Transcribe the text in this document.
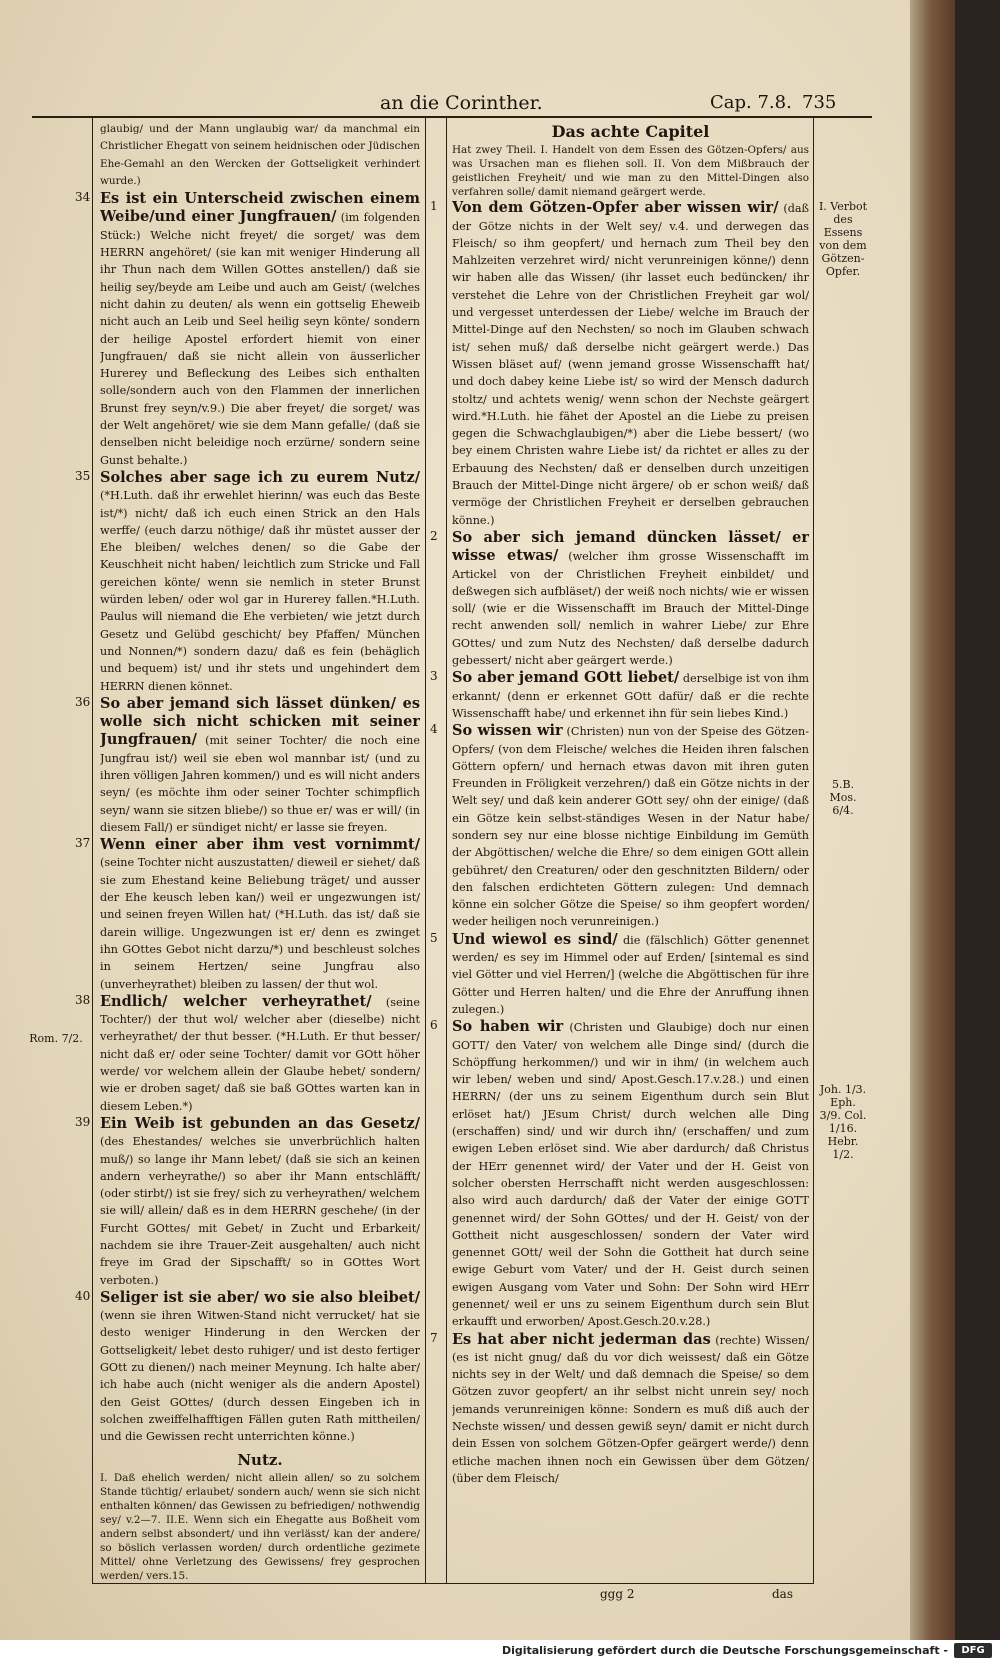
an die Corinther.	Cap. 7.8. 735

glaubig/ und der Mann unglaubig war/ da manchmal ein Christlicher Ehegatt von seinem heidnischen oder Jüdischen Ehe-Gemahl an den Wercken der Gottseligkeit verhindert wurde.)

Es ist ein Unterscheid zwischen einem Weibe/und einer Jungfrauen/ (im folgenden Stück:) Welche nicht freyet/ die sorget/ was dem HERRN angehöret/ (sie kan mit weniger Hinderung all ihr Thun nach dem Willen GOttes anstellen/) daß sie heilig sey/beyde am Leibe und auch am Geist/ (welches nicht dahin zu deuten/ als wenn ein gottselig Eheweib nicht auch an Leib und Seel heilig seyn könte/ sondern der heilige Apostel erfordert hiemit von einer Jungfrauen/ daß sie nicht allein von äusserlicher Hurerey und Befleckung des Leibes sich enthalten solle/sondern auch von den Flammen der innerlichen Brunst frey seyn/v.9.) Die aber freyet/ die sorget/ was der Welt angehöret/ wie sie dem Mann gefalle/ (daß sie denselben nicht beleidige noch erzürne/ sondern seine Gunst behalte.)

Solches aber sage ich zu eurem Nutz/ (*H.Luth. daß ihr erwehlet hierinn/ was euch das Beste ist/*) nicht/ daß ich euch einen Strick an den Hals werffe/ (euch darzu nöthige/ daß ihr müstet ausser der Ehe bleiben/ welches denen/ so die Gabe der Keuschheit nicht haben/ leichtlich zum Stricke und Fall gereichen könte/ wenn sie nemlich in steter Brunst würden leben/ oder wol gar in Hurerey fallen.*H.Luth. Paulus will niemand die Ehe verbieten/ wie jetzt durch Gesetz und Gelübd geschicht/ bey Pfaffen/ München und Nonnen/*) sondern dazu/ daß es fein (behäglich und bequem) ist/ und ihr stets und ungehindert dem HERRN dienen könnet.

So aber jemand sich lässet dünken/ es wolle sich nicht schicken mit seiner Jungfrauen/ (mit seiner Tochter/ die noch eine Jungfrau ist/) weil sie eben wol mannbar ist/ (und zu ihren völligen Jahren kommen/) und es will nicht anders seyn/ (es möchte ihm oder seiner Tochter schimpflich seyn/ wann sie sitzen bliebe/) so thue er/ was er will/ (in diesem Fall/) er sündiget nicht/ er lasse sie freyen.

Wenn einer aber ihm vest vornimmt/ (seine Tochter nicht auszustatten/ dieweil er siehet/ daß sie zum Ehestand keine Beliebung träget/ und ausser der Ehe keusch leben kan/) weil er ungezwungen ist/ und seinen freyen Willen hat/ (*H.Luth. das ist/ daß sie darein willige. Ungezwungen ist er/ denn es zwinget ihn GOttes Gebot nicht darzu/*) und beschleust solches in seinem Hertzen/ seine Jungfrau also (unverheyrathet) bleiben zu lassen/ der thut wol.

Endlich/ welcher verheyrathet/ (seine Tochter/) der thut wol/ welcher aber (dieselbe) nicht verheyrathet/ der thut besser. (*H.Luth. Er thut besser/ nicht daß er/ oder seine Tochter/ damit vor GOtt höher werde/ vor welchem allein der Glaube hebet/ sondern/ wie er droben saget/ daß sie baß GOttes warten kan in diesem Leben.*)

Ein Weib ist gebunden an das Gesetz/ (des Ehestandes/ welches sie unverbrüchlich halten muß/) so lange ihr Mann lebet/ (daß sie sich an keinen andern verheyrathe/) so aber ihr Mann entschläfft/ (oder stirbt/) ist sie frey/ sich zu verheyrathen/ welchem sie will/ allein/ daß es in dem HERRN geschehe/ (in der Furcht GOttes/ mit Gebet/ in Zucht und Erbarkeit/ nachdem sie ihre Trauer-Zeit ausgehalten/ auch nicht freye im Grad der Sipschafft/ so in GOttes Wort verboten.)

Seliger ist sie aber/ wo sie also bleibet/ (wenn sie ihren Witwen-Stand nicht verrucket/ hat sie desto weniger Hinderung in den Wercken der Gottseligkeit/ lebet desto ruhiger/ und ist desto fertiger GOtt zu dienen/) nach meiner Meynung. Ich halte aber/ ich habe auch (nicht weniger als die andern Apostel) den Geist GOttes/ (durch dessen Eingeben ich in solchen zweiffelhafftigen Fällen guten Rath mittheilen/ und die Gewissen recht unterrichten könne.)

Nutz.

I. Daß ehelich werden/ nicht allein allen/ so zu solchem Stande tüchtig/ erlaubet/ sondern auch/ wenn sie sich nicht enthalten können/ das Gewissen zu befriedigen/ nothwendig sey/ v.2—7. II.E. Wenn sich ein Ehegatte aus Boßheit vom andern selbst absondert/ und ihn verlässt/ kan der andere/ so böslich verlassen worden/ durch ordentliche gezimete Mittel/ ohne Verletzung des Gewissens/ frey gesprochen werden/ vers.15.

Das achte Capitel

Hat zwey Theil. I. Handelt von dem Essen des Götzen-Opfers/ aus was Ursachen man es fliehen soll. II. Von dem Mißbrauch der geistlichen Freyheit/ und wie man zu den Mittel-Dingen also verfahren solle/ damit niemand geärgert werde.

Von dem Götzen-Opfer aber wissen wir/ (daß der Götze nichts in der Welt sey/ v.4. und derwegen das Fleisch/ so ihm geopfert/ und hernach zum Theil bey den Mahlzeiten verzehret wird/ nicht verunreinigen könne/) denn wir haben alle das Wissen/ (ihr lasset euch bedüncken/ ihr verstehet die Lehre von der Christlichen Freyheit gar wol/ und vergesset unterdessen der Liebe/ welche im Brauch der Mittel-Dinge auf den Nechsten/ so noch im Glauben schwach ist/ sehen muß/ daß derselbe nicht geärgert werde.) Das Wissen bläset auf/ (wenn jemand grosse Wissenschafft hat/ und doch dabey keine Liebe ist/ so wird der Mensch dadurch stoltz/ und achtets wenig/ wenn schon der Nechste geärgert wird.*H.Luth. hie fähet der Apostel an die Liebe zu preisen gegen die Schwachglaubigen/*) aber die Liebe bessert/ (wo bey einem Christen wahre Liebe ist/ da richtet er alles zu der Erbauung des Nechsten/ daß er denselben durch unzeitigen Brauch der Mittel-Dinge nicht ärgere/ ob er schon weiß/ daß vermöge der Christlichen Freyheit er derselben gebrauchen könne.)

So aber sich jemand düncken lässet/ er wisse etwas/ (welcher ihm grosse Wissenschafft im Artickel von der Christlichen Freyheit einbildet/ und deßwegen sich aufbläset/) der weiß noch nichts/ wie er wissen soll/ (wie er die Wissenschafft im Brauch der Mittel-Dinge recht anwenden soll/ nemlich in wahrer Liebe/ zur Ehre GOttes/ und zum Nutz des Nechsten/ daß derselbe dadurch gebessert/ nicht aber geärgert werde.)

So aber jemand GOtt liebet/ derselbige ist von ihm erkannt/ (denn er erkennet GOtt dafür/ daß er die rechte Wissenschafft habe/ und erkennet ihn für sein liebes Kind.)

So wissen wir (Christen) nun von der Speise des Götzen-Opfers/ (von dem Fleische/ welches die Heiden ihren falschen Göttern opfern/ und hernach etwas davon mit ihren guten Freunden in Fröligkeit verzehren/) daß ein Götze nichts in der Welt sey/ und daß kein anderer GOtt sey/ ohn der einige/ (daß ein Götze kein selbst-ständiges Wesen in der Natur habe/ sondern sey nur eine blosse nichtige Einbildung im Gemüth der Abgöttischen/ welche die Ehre/ so dem einigen GOtt allein gebühret/ den Creaturen/ oder den geschnitzten Bildern/ oder den falschen erdichteten Göttern zulegen: Und demnach könne ein solcher Götze die Speise/ so ihm geopfert worden/ weder heiligen noch verunreinigen.)

Und wiewol es sind/ die (fälschlich) Götter genennet werden/ es sey im Himmel oder auf Erden/ [sintemal es sind viel Götter und viel Herren/] (welche die Abgöttischen für ihre Götter und Herren halten/ und die Ehre der Anruffung ihnen zulegen.)

So haben wir (Christen und Glaubige) doch nur einen GOTT/ den Vater/ von welchem alle Dinge sind/ (durch die Schöpffung herkommen/) und wir in ihm/ (in welchem auch wir leben/ weben und sind/ Apost.Gesch.17.v.28.) und einen HERRN/ (der uns zu seinem Eigenthum durch sein Blut erlöset hat/) JEsum Christ/ durch welchen alle Ding (erschaffen) sind/ und wir durch ihn/ (erschaffen/ und zum ewigen Leben erlöset sind. Wie aber dardurch/ daß Christus der HErr genennet wird/ der Vater und der H. Geist von solcher obersten Herrschafft nicht werden ausgeschlossen: also wird auch dardurch/ daß der Vater der einige GOTT genennet wird/ der Sohn GOttes/ und der H. Geist/ von der Gottheit nicht ausgeschlossen/ sondern der Vater wird genennet GOtt/ weil der Sohn die Gottheit hat durch seine ewige Geburt vom Vater/ und der H. Geist durch seinen ewigen Ausgang vom Vater und Sohn: Der Sohn wird HErr genennet/ weil er uns zu seinem Eigenthum durch sein Blut erkaufft und erworben/ Apost.Gesch.20.v.28.)

Es hat aber nicht jederman das (rechte) Wissen/ (es ist nicht gnug/ daß du vor dich weissest/ daß ein Götze nichts sey in der Welt/ und daß demnach die Speise/ so dem Götzen zuvor geopfert/ an ihr selbst nicht unrein sey/ noch jemands verunreinigen könne: Sondern es muß diß auch der Nechste wissen/ und dessen gewiß seyn/ damit er nicht durch dein Essen von solchem Götzen-Opfer geärgert werde/) denn etliche machen ihnen noch ein Gewissen über dem Götzen/ (über dem Fleisch/

Rom. 7/2.
I. Verbot des Essens von dem Götzen-Opfer.
5.B. Mos. 6/4.
Joh. 1/3. Eph. 3/9. Col. 1/16. Hebr. 1/2.
ggg 2	das
1
2
3
4
5
6
7
34
35
36
37
38
39
40
Digitalisierung gefördert durch die Deutsche Forschungsgemeinschaft -	DFG
